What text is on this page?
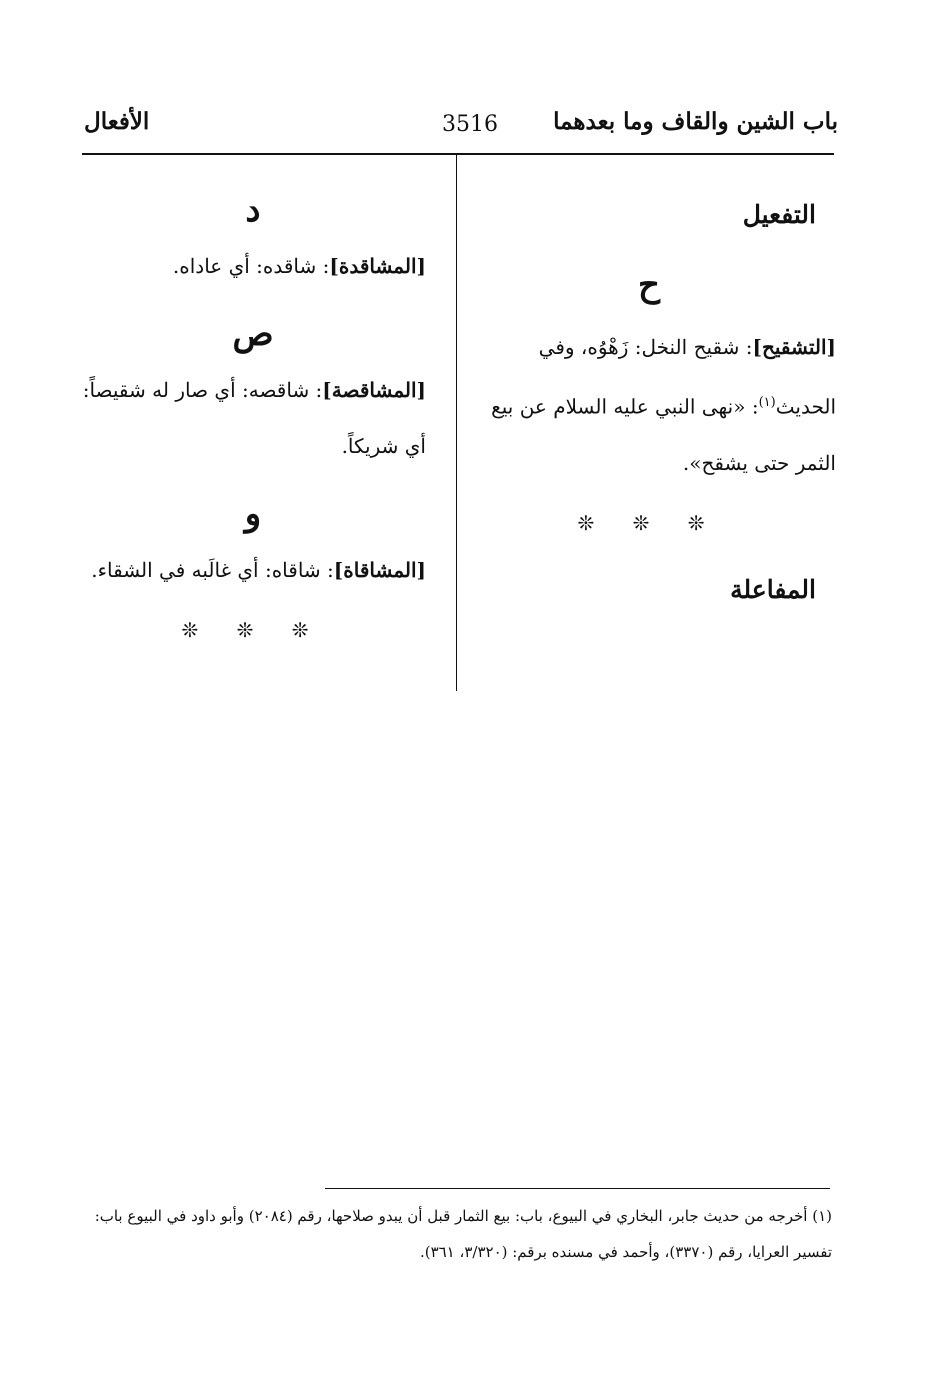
باب الشين والقاف وما بعدهما
3516
الأفعال

التفعيل

ح

[التشقيح]: شقيح النخل: زَهْوُه، وفي الحديث$^{(١)}$: «نهى النبي عليه السلام عن بيع الثمر حتى يشقح».

❊ ❊ ❊

المفاعلة

د

[المشاقدة]: شاقده: أي عاداه.

ص

[المشاقصة]: شاقصه: أي صار له شقيصاً: أي شريكاً.

و

[المشاقاة]: شاقاه: أي غالَبه في الشقاء.

❊ ❊ ❊

(١) أخرجه من حديث جابر، البخاري في البيوع، باب: بيع الثمار قبل أن يبدو صلاحها، رقم (٢٠٨٤) وأبو داود في البيوع باب: تفسير العرايا، رقم (٣٣٧٠)، وأحمد في مسنده برقم: (٣/٣٢٠، ٣٦١).
